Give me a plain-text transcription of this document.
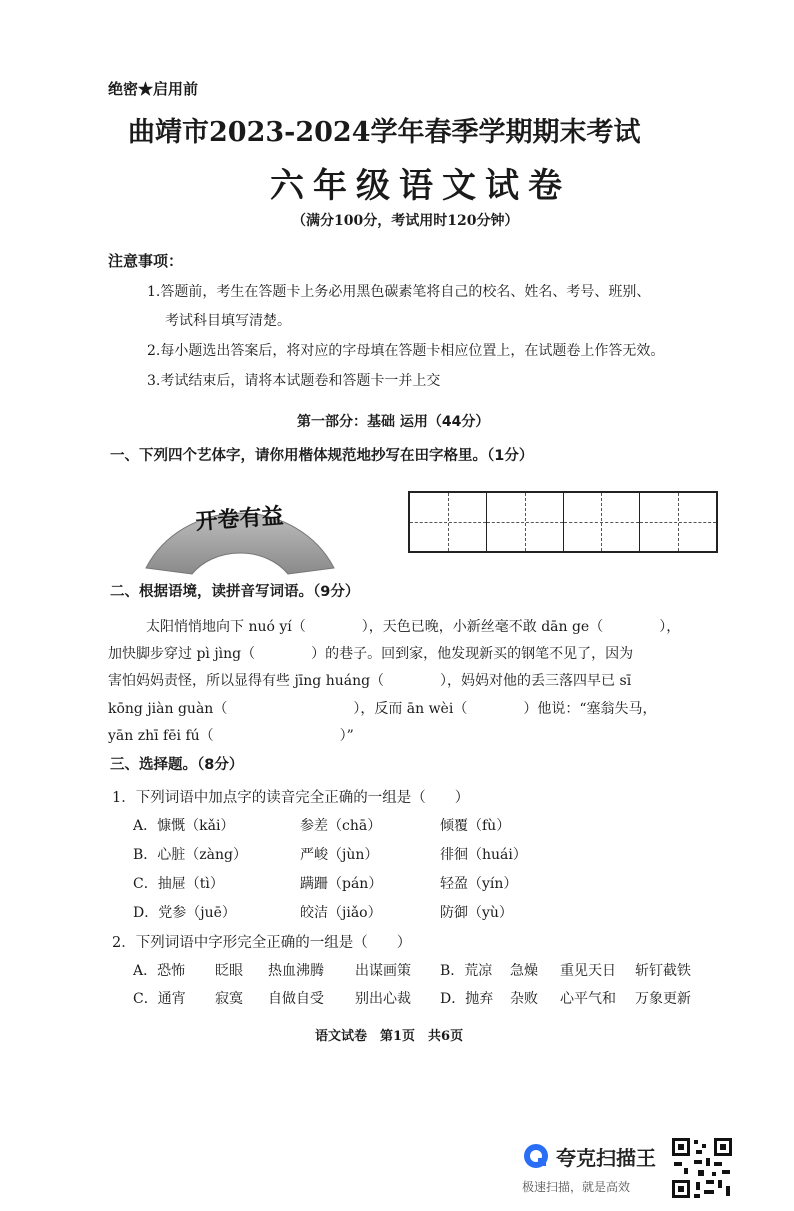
绝密★启用前
曲靖市2023-2024学年春季学期期末考试
六年级语文试卷
（满分100分，考试用时120分钟）
注意事项：
1.答题前，考生在答题卡上务必用黑色碳素笔将自己的校名、姓名、考号、班别、
考试科目填写清楚。
2.每小题选出答案后，将对应的字母填在答题卡相应位置上，在试题卷上作答无效。
3.考试结束后，请将本试题卷和答题卡一并上交
第一部分：基础 运用（44分）
一、下列四个艺体字，请你用楷体规范地抄写在田字格里。（1分）
开卷有益
二、根据语境，读拼音写词语。（9分）
太阳悄悄地向下 nuó yí（　　　　），天色已晚，小新丝毫不敢 dān ge（　　　　），
加快脚步穿过 pì jìng（　　　　）的巷子。回到家，他发现新买的钢笔不见了，因为
害怕妈妈责怪，所以显得有些 jīng huáng（　　　　），妈妈对他的丢三落四早已 sī
kōng jiàn guàn（　　　　　　　　　），反而 ān wèi（　　　　）他说：“塞翁失马，
yān zhī fēi fú（　　　　　　　　　）”
三、选择题。（8分）
1．下列词语中加点字的读音完全正确的一组是（　　）
A．慷慨（kǎi）	参差（chā）	倾覆（fù）
B．心脏（zàng）	严峻（jùn）	徘徊（huái）
C．抽屉（tì）	蹒跚（pán）	轻盈（yín）
D．党参（juē）	皎洁（jiǎo）	防御（yù）
2．下列词语中字形完全正确的一组是（　　）
A．恐怖 眨眼 热血沸腾 出谋画策 B．荒凉 急燥 重见天日 斩钉截铁
C．通宵 寂寞 自做自受 别出心裁 D．抛弃 杂败 心平气和 万象更新
语文试卷　第1页　共6页
夸克扫描王
极速扫描，就是高效
